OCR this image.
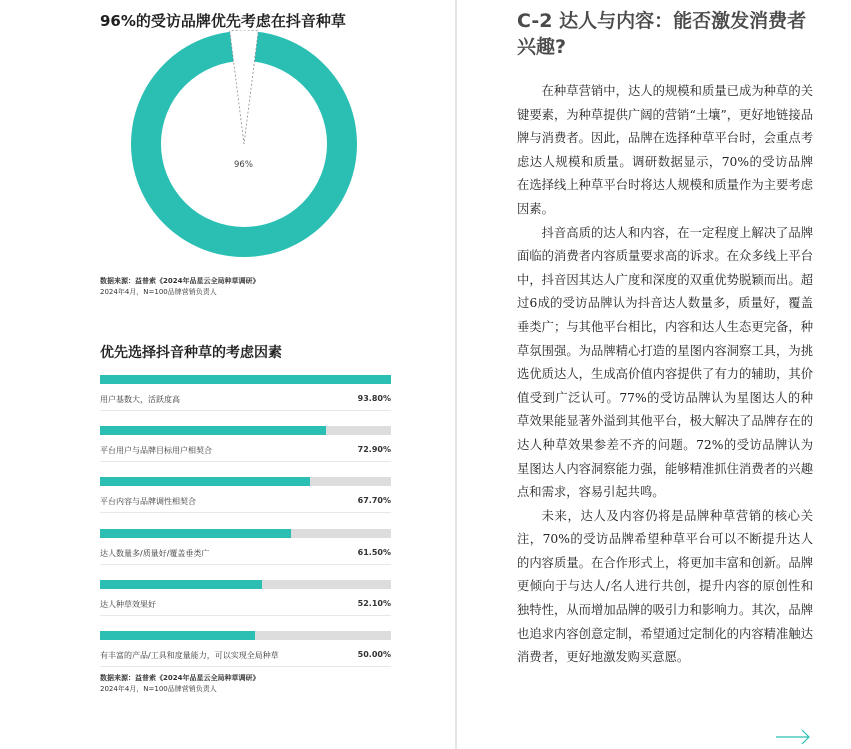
96%的受访品牌优先考虑在抖音种草
96%
数据来源：益普索《2024年品星云全局种草调研》
2024年4月，N=100品牌营销负责人
优先选择抖音种草的考虑因素
用户基数大，活跃度高	93.80%
平台用户与品牌目标用户相契合	72.90%
平台内容与品牌调性相契合	67.70%
达人数量多/质量好/覆盖垂类广	61.50%
达人种草效果好	52.10%
有丰富的产品/工具和度量能力，可以实现全局种草	50.00%
数据来源：益普索《2024年品星云全局种草调研》
2024年4月，N=100品牌营销负责人
C-2 达人与内容：能否激发消费者兴趣?

在种草营销中，达人的规模和质量已成为种草的关键要素，为种草提供广阔的营销“土壤”，更好地链接品牌与消费者。因此，品牌在选择种草平台时，会重点考虑达人规模和质量。调研数据显示，70%的受访品牌在选择线上种草平台时将达人规模和质量作为主要考虑因素。

抖音高质的达人和内容，在一定程度上解决了品牌面临的消费者内容质量要求高的诉求。在众多线上平台中，抖音因其达人广度和深度的双重优势脱颖而出。超过6成的受访品牌认为抖音达人数量多，质量好，覆盖垂类广；与其他平台相比，内容和达人生态更完备，种草氛围强。为品牌精心打造的星图内容洞察工具，为挑选优质达人，生成高价值内容提供了有力的辅助，其价值受到广泛认可。77%的受访品牌认为星图达人的种草效果能显著外溢到其他平台，极大解决了品牌存在的达人种草效果参差不齐的问题。72%的受访品牌认为星图达人内容洞察能力强，能够精准抓住消费者的兴趣点和需求，容易引起共鸣。

未来，达人及内容仍将是品牌种草营销的核心关注，70%的受访品牌希望种草平台可以不断提升达人的内容质量。在合作形式上，将更加丰富和创新。品牌更倾向于与达人/名人进行共创，提升内容的原创性和独特性，从而增加品牌的吸引力和影响力。其次，品牌也追求内容创意定制，希望通过定制化的内容精准触达消费者，更好地激发购买意愿。
